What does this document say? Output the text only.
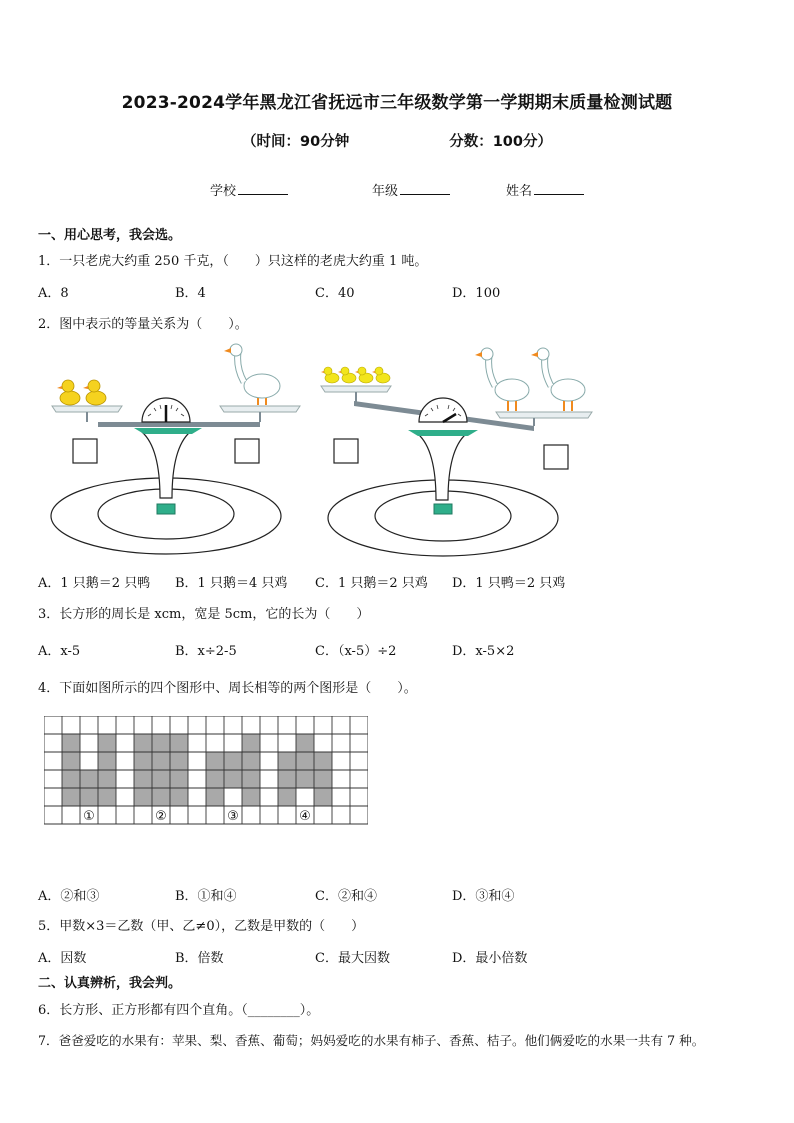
2023-2024学年黑龙江省抚远市三年级数学第一学期期末质量检测试题
（时间：90分钟	分数：100分）
学校	年级	姓名
一、用心思考，我会选。
1．一只老虎大约重 250 千克，（　　）只这样的老虎大约重 1 吨。
A．8	B．4	C．40	D．100
2．图中表示的等量关系为（　　）。
A．1 只鹅＝2 只鸭 B．1 只鹅＝4 只鸡 C．1 只鹅＝2 只鸡 D．1 只鸭＝2 只鸡
3．长方形的周长是 xcm，宽是 5cm，它的长为（　　）
A．x-5	B．x÷2-5	C．（x-5）÷2	D．x-5×2
4．下面如图所示的四个图形中、周长相等的两个图形是（　　）。
①	②	③	④
A．②和③	B．①和④	C．②和④	D．③和④
5．甲数×3＝乙数（甲、乙≠0），乙数是甲数的（　　）
A．因数	B．倍数	C．最大因数	D．最小倍数
二、认真辨析，我会判。
6．长方形、正方形都有四个直角。（________）。
7．爸爸爱吃的水果有：苹果、梨、香蕉、葡萄；妈妈爱吃的水果有柿子、香蕉、桔子。他们俩爱吃的水果一共有 7 种。
